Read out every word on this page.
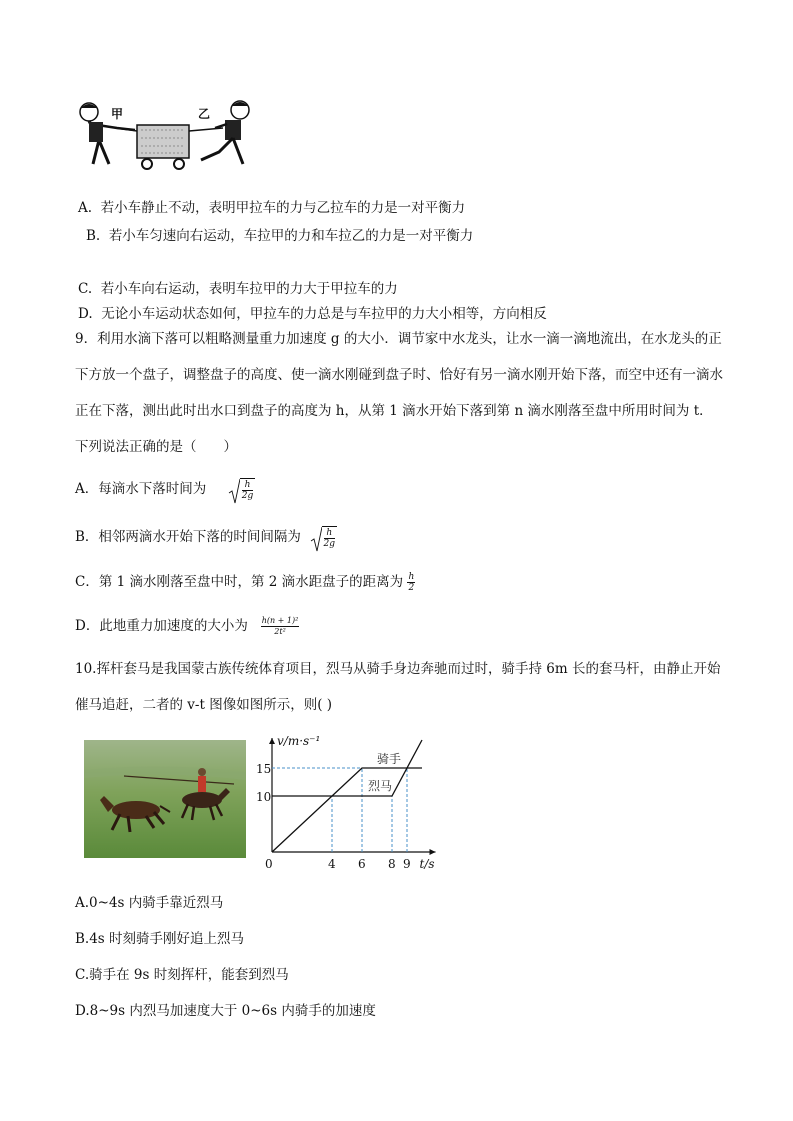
甲	乙
A. 若小车静止不动，表明甲拉车的力与乙拉车的力是一对平衡力
B. 若小车匀速向右运动，车拉甲的力和车拉乙的力是一对平衡力
C. 若小车向右运动，表明车拉甲的力大于甲拉车的力
D. 无论小车运动状态如何，甲拉车的力总是与车拉甲的力大小相等，方向相反
9．利用水滴下落可以粗略测量重力加速度 g 的大小．调节家中水龙头，让水一滴一滴地流出，在水龙头的正下方放一个盘子，调整盘子的高度、使一滴水刚碰到盘子时、恰好有另一滴水刚开始下落，而空中还有一滴水正在下落，测出此时出水口到盘子的高度为 h，从第 1 滴水开始下落到第 n 滴水刚落至盘中所用时间为 t．下列说法正确的是（　　）
A．每滴水下落时间为	$\frac{h}{2g}$
B．相邻两滴水开始下落的时间间隔为	$\frac{h}{2g}$
C．第 1 滴水刚落至盘中时，第 2 滴水距盘子的距离为 $\frac{h}{2}$
D．此地重力加速度的大小为 $\frac{\text{h(n + 1)²}}{\text{2t²}}$
10.挥杆套马是我国蒙古族传统体育项目，烈马从骑手身边奔驰而过时，骑手持 6m 长的套马杆，由静止开始催马追赶，二者的 v-t 图像如图所示，则( )
v/m·s⁻¹
t/s
0	4 6 8 9
10
15
骑手
烈马
A.0~4s 内骑手靠近烈马
B.4s 时刻骑手刚好追上烈马
C.骑手在 9s 时刻挥杆，能套到烈马
D.8~9s 内烈马加速度大于 0~6s 内骑手的加速度
